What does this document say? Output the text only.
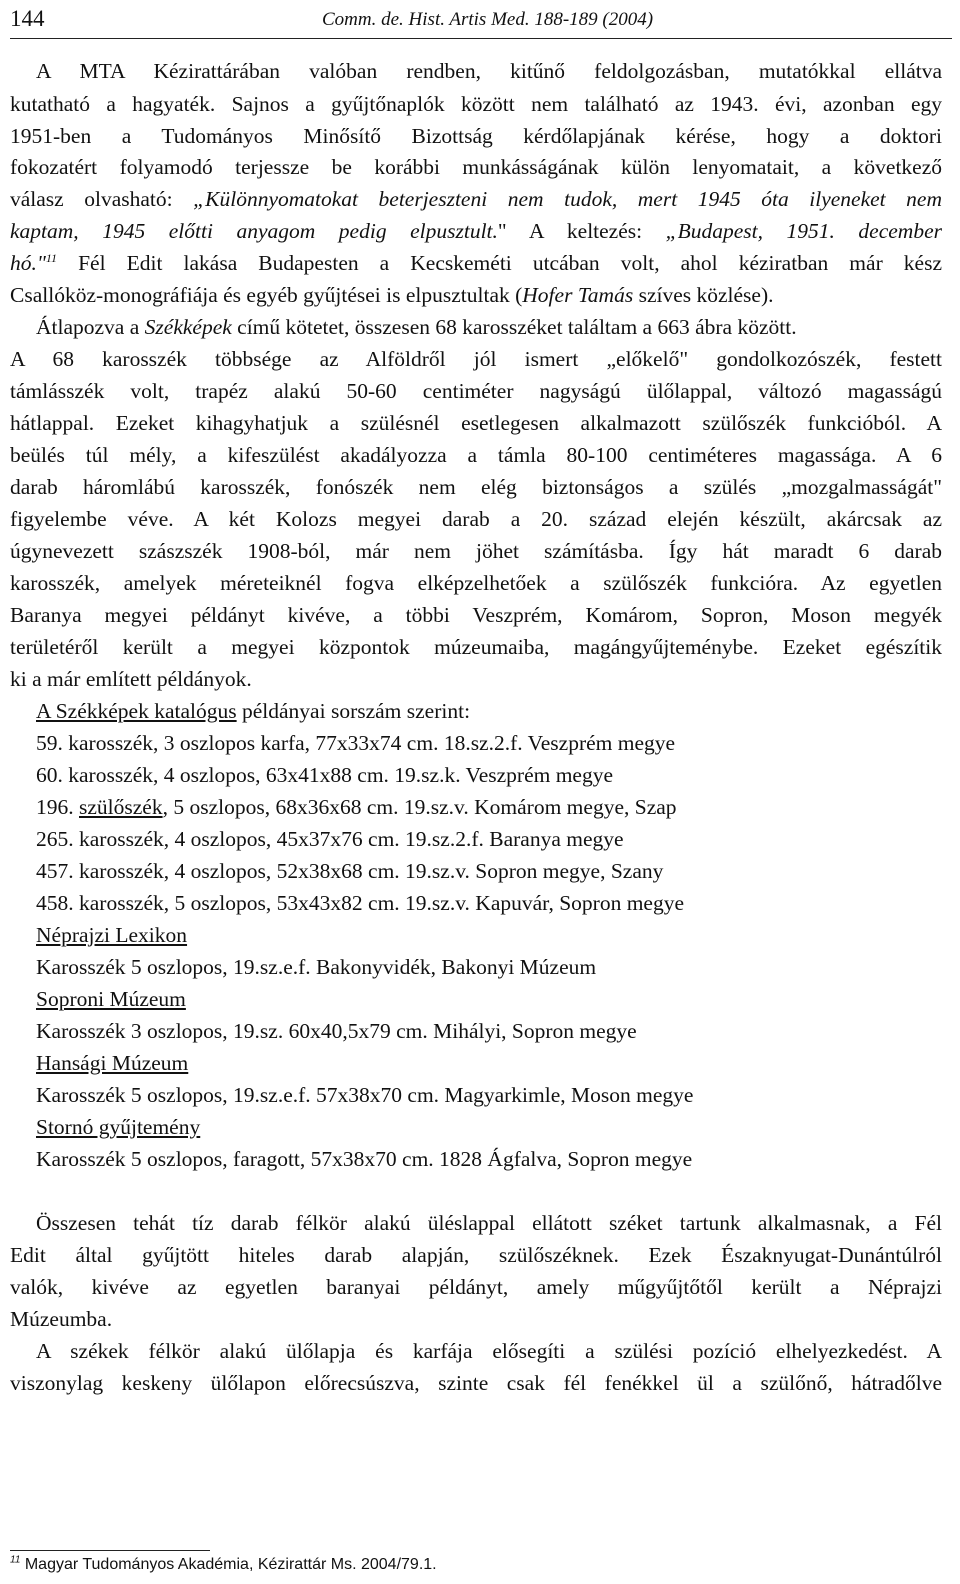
144	Comm. de. Hist. Artis Med. 188-189 (2004)
A MTA Kézirattárában valóban rendben, kitűnő feldolgozásban, mutatókkal ellátva
kutatható a hagyaték. Sajnos a gyűjtőnaplók között nem található az 1943. évi, azonban egy
1951-ben a Tudományos Minősítő Bizottság kérdőlapjának kérése, hogy a doktori
fokozatért folyamodó terjessze be korábbi munkásságának külön lenyomatait, a következő
válasz olvasható: „Különnyomatokat beterjeszteni nem tudok, mert 1945 óta ilyeneket nem
kaptam, 1945 előtti anyagom pedig elpusztult." A keltezés: „Budapest, 1951. december
hó."$^{11}$ Fél Edit lakása Budapesten a Kecskeméti utcában volt, ahol kéziratban már kész
Csallóköz-monográfiája és egyéb gyűjtései is elpusztultak (Hofer Tamás szíves közlése).
Átlapozva a Székképek című kötetet, összesen 68 karosszéket találtam a 663 ábra között.
A 68 karosszék többsége az Alföldről jól ismert „előkelő" gondolkozószék, festett
támlásszék volt, trapéz alakú 50-60 centiméter nagyságú ülőlappal, változó magasságú
hátlappal. Ezeket kihagyhatjuk a szülésnél esetlegesen alkalmazott szülőszék funkcióból. A
beülés túl mély, a kifeszülést akadályozza a támla 80-100 centiméteres magassága. A 6
darab háromlábú karosszék, fonószék nem elég biztonságos a szülés „mozgalmasságát"
figyelembe véve. A két Kolozs megyei darab a 20. század elején készült, akárcsak az
úgynevezett szászszék 1908-ból, már nem jöhet számításba. Így hát maradt 6 darab
karosszék, amelyek méreteiknél fogva elképzelhetőek a szülőszék funkcióra. Az egyetlen
Baranya megyei példányt kivéve, a többi Veszprém, Komárom, Sopron, Moson megyék
területéről került a megyei központok múzeumaiba, magángyűjteménybe. Ezeket egészítik
ki a már említett példányok.
A Székképek katalógus példányai sorszám szerint:
59. karosszék, 3 oszlopos karfa, 77x33x74 cm. 18.sz.2.f. Veszprém megye
60. karosszék, 4 oszlopos, 63x41x88 cm. 19.sz.k. Veszprém megye
196. szülőszék, 5 oszlopos, 68x36x68 cm. 19.sz.v. Komárom megye, Szap
265. karosszék, 4 oszlopos, 45x37x76 cm. 19.sz.2.f. Baranya megye
457. karosszék, 4 oszlopos, 52x38x68 cm. 19.sz.v. Sopron megye, Szany
458. karosszék, 5 oszlopos, 53x43x82 cm. 19.sz.v. Kapuvár, Sopron megye
Néprajzi Lexikon
Karosszék 5 oszlopos, 19.sz.e.f. Bakonyvidék, Bakonyi Múzeum
Soproni Múzeum
Karosszék 3 oszlopos, 19.sz. 60x40,5x79 cm. Mihályi, Sopron megye
Hansági Múzeum
Karosszék 5 oszlopos, 19.sz.e.f. 57x38x70 cm. Magyarkimle, Moson megye
Stornó gyűjtemény
Karosszék 5 oszlopos, faragott, 57x38x70 cm. 1828 Ágfalva, Sopron megye
Összesen tehát tíz darab félkör alakú üléslappal ellátott széket tartunk alkalmasnak, a Fél
Edit által gyűjtött hiteles darab alapján, szülőszéknek. Ezek Északnyugat-Dunántúlról
valók, kivéve az egyetlen baranyai példányt, amely műgyűjtőtől került a Néprajzi
Múzeumba.
A székek félkör alakú ülőlapja és karfája elősegíti a szülési pozíció elhelyezkedést. A
viszonylag keskeny ülőlapon előrecsúszva, szinte csak fél fenékkel ül a szülőnő, hátradőlve
$^{11}$ Magyar Tudományos Akadémia, Kézirattár Ms. 2004/79.1.
